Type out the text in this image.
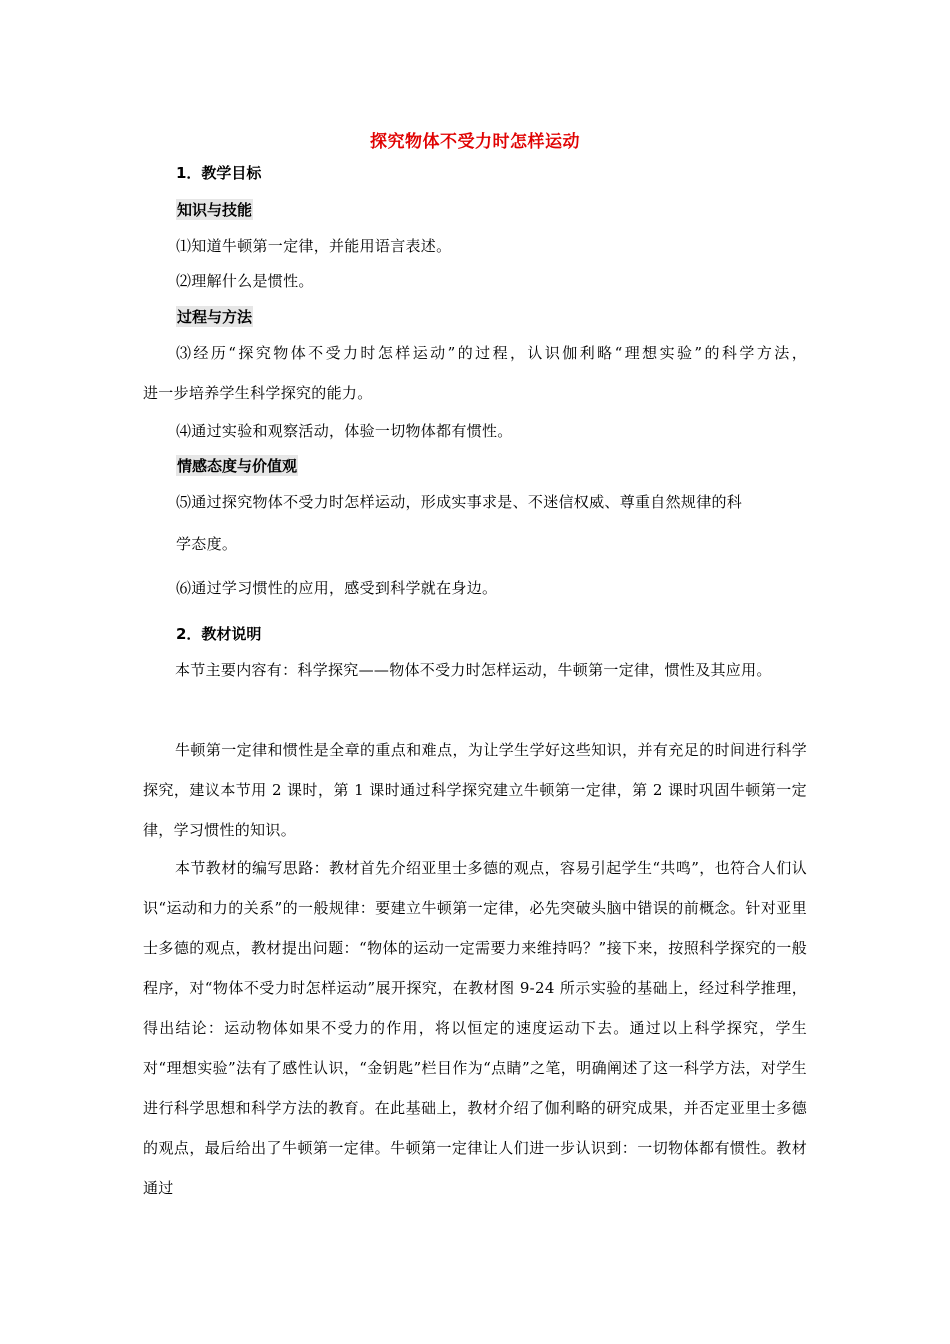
探究物体不受力时怎样运动
1．教学目标
知识与技能
⑴知道牛顿第一定律，并能用语言表述。
⑵理解什么是惯性。
过程与方法
⑶经历“探究物体不受力时怎样运动”的过程，认识伽利略“理想实验”的科学方法，
进一步培养学生科学探究的能力。
⑷通过实验和观察活动，体验一切物体都有惯性。
情感态度与价值观
⑸通过探究物体不受力时怎样运动，形成实事求是、不迷信权威、尊重自然规律的科
学态度。
⑹通过学习惯性的应用，感受到科学就在身边。
2．教材说明
本节主要内容有：科学探究——物体不受力时怎样运动，牛顿第一定律，惯性及其应用。
牛顿第一定律和惯性是全章的重点和难点，为让学生学好这些知识，并有充足的时间进行科学探究，建议本节用 2 课时，第 1 课时通过科学探究建立牛顿第一定律，第 2 课时巩固牛顿第一定律，学习惯性的知识。
本节教材的编写思路：教材首先介绍亚里士多德的观点，容易引起学生“共鸣”，也符合人们认识“运动和力的关系”的一般规律：要建立牛顿第一定律，必先突破头脑中错误的前概念。针对亚里士多德的观点，教材提出问题：“物体的运动一定需要力来维持吗？”接下来，按照科学探究的一般程序，对“物体不受力时怎样运动”展开探究，在教材图 9-24 所示实验的基础上，经过科学推理，得出结论：运动物体如果不受力的作用，将以恒定的速度运动下去。通过以上科学探究，学生对“理想实验”法有了感性认识，“金钥匙”栏目作为“点睛”之笔，明确阐述了这一科学方法，对学生进行科学思想和科学方法的教育。在此基础上，教材介绍了伽利略的研究成果，并否定亚里士多德的观点，最后给出了牛顿第一定律。牛顿第一定律让人们进一步认识到：一切物体都有惯性。教材通过
